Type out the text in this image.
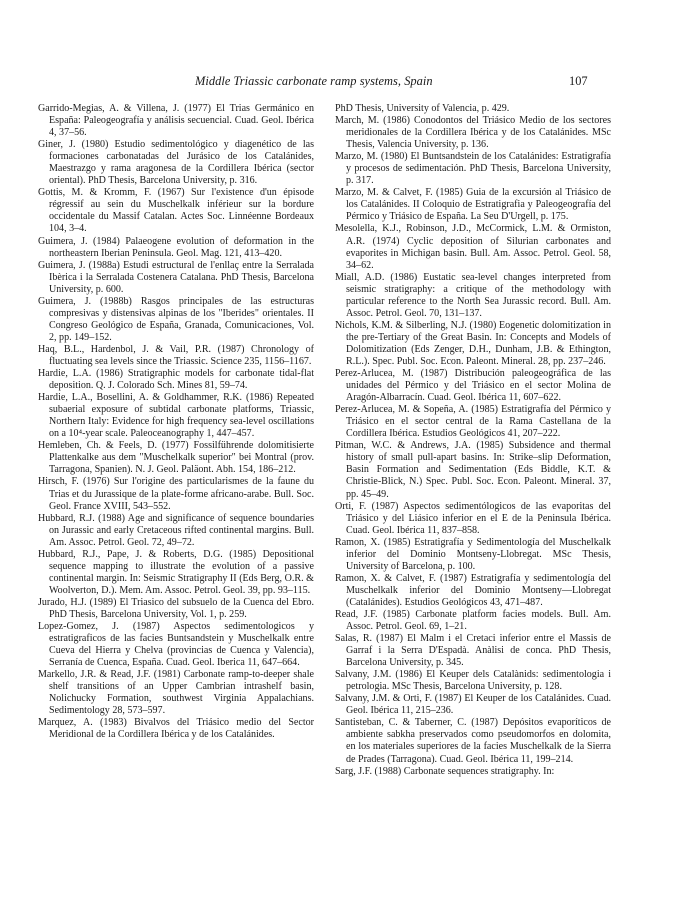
Middle Triassic carbonate ramp systems, Spain	107

Garrido-Megias, A. & Villena, J. (1977) El Trias Germánico en España: Paleogeografía y análisis secuencial. Cuad. Geol. Ibérica 4, 37–56.

Giner, J. (1980) Estudio sedimentológico y diagenético de las formaciones carbonatadas del Jurásico de los Catalánides, Maestrazgo y rama aragonesa de la Cordillera Ibérica (sector oriental). PhD Thesis, Barcelona University, p. 316.

Gottis, M. & Kromm, F. (1967) Sur l'existence d'un épisode régressif au sein du Muschelkalk inférieur sur la bordure occidentale du Massif Catalan. Actes Soc. Linnéenne Bordeaux 104, 3–4.

Guimera, J. (1984) Palaeogene evolution of deformation in the northeastern Iberian Peninsula. Geol. Mag. 121, 413–420.

Guimera, J. (1988a) Estudi estructural de l'enllaç entre la Serralada Ibèrica i la Serralada Costenera Catalana. PhD Thesis, Barcelona University, p. 600.

Guimera, J. (1988b) Rasgos principales de las estructuras compresivas y distensivas alpinas de los "Iberides" orientales. II Congreso Geológico de España, Granada, Comunicaciones, Vol. 2, pp. 149–152.

Haq, B.L., Hardenbol, J. & Vail, P.R. (1987) Chronology of fluctuating sea levels since the Triassic. Science 235, 1156–1167.

Hardie, L.A. (1986) Stratigraphic models for carbonate tidal-flat deposition. Q. J. Colorado Sch. Mines 81, 59–74.

Hardie, L.A., Bosellini, A. & Goldhammer, R.K. (1986) Repeated subaerial exposure of subtidal carbonate platforms, Triassic, Northern Italy: Evidence for high frequency sea-level oscillations on a 10⁴-year scale. Paleoceanography 1, 447–457.

Hemleben, Ch. & Feels, D. (1977) Fossilführende dolomitisierte Plattenkalke aus dem "Muschelkalk superior" bei Montral (prov. Tarragona, Spanien). N. J. Geol. Paläont. Abh. 154, 186–212.

Hirsch, F. (1976) Sur l'origine des particularismes de la faune du Trias et du Jurassique de la plate-forme africano-arabe. Bull. Soc. Geol. France XVIII, 543–552.

Hubbard, R.J. (1988) Age and significance of sequence boundaries on Jurassic and early Cretaceous rifted continental margins. Bull. Am. Assoc. Petrol. Geol. 72, 49–72.

Hubbard, R.J., Pape, J. & Roberts, D.G. (1985) Depositional sequence mapping to illustrate the evolution of a passive continental margin. In: Seismic Stratigraphy II (Eds Berg, O.R. & Woolverton, D.). Mem. Am. Assoc. Petrol. Geol. 39, pp. 93–115.

Jurado, H.J. (1989) El Triasico del subsuelo de la Cuenca del Ebro. PhD Thesis, Barcelona University, Vol. 1, p. 259.

Lopez-Gomez, J. (1987) Aspectos sedimentologicos y estratigraficos de las facies Buntsandstein y Muschelkalk entre Cueva del Hierra y Chelva (provincias de Cuenca y Valencia), Serranía de Cuenca, España. Cuad. Geol. Iberica 11, 647–664.

Markello, J.R. & Read, J.F. (1981) Carbonate ramp-to-deeper shale shelf transitions of an Upper Cambrian intrashelf basin, Nolichucky Formation, southwest Virginia Appalachians. Sedimentology 28, 573–597.

Marquez, A. (1983) Bivalvos del Triásico medio del Sector Meridional de la Cordillera Ibérica y de los Catalánides.

PhD Thesis, University of Valencia, p. 429.

March, M. (1986) Conodontos del Triásico Medio de los sectores meridionales de la Cordillera Ibérica y de los Catalánides. MSc Thesis, Valencia University, p. 136.

Marzo, M. (1980) El Buntsandstein de los Catalánides: Estratigrafía y procesos de sedimentación. PhD Thesis, Barcelona University, p. 317.

Marzo, M. & Calvet, F. (1985) Guia de la excursión al Triásico de los Catalánides. II Coloquio de Estratigrafia y Paleogeografía del Pérmico y Triásico de España. La Seu D'Urgell, p. 175.

Mesolella, K.J., Robinson, J.D., McCormick, L.M. & Ormiston, A.R. (1974) Cyclic deposition of Silurian carbonates and evaporites in Michigan basin. Bull. Am. Assoc. Petrol. Geol. 58, 34–62.

Miall, A.D. (1986) Eustatic sea-level changes interpreted from seismic stratigraphy: a critique of the methodology with particular reference to the North Sea Jurassic record. Bull. Am. Assoc. Petrol. Geol. 70, 131–137.

Nichols, K.M. & Silberling, N.J. (1980) Eogenetic dolomitization in the pre-Tertiary of the Great Basin. In: Concepts and Models of Dolomitization (Eds Zenger, D.H., Dunham, J.B. & Ethington, R.L.). Spec. Publ. Soc. Econ. Paleont. Mineral. 28, pp. 237–246.

Perez-Arlucea, M. (1987) Distribución paleogeográfica de las unidades del Pérmico y del Triásico en el sector Molina de Aragón-Albarracín. Cuad. Geol. Ibérica 11, 607–622.

Perez-Arlucea, M. & Sopeña, A. (1985) Estratigrafía del Pérmico y Triásico en el sector central de la Rama Castellana de la Cordillera Ibérica. Estudios Geológicos 41, 207–222.

Pitman, W.C. & Andrews, J.A. (1985) Subsidence and thermal history of small pull-apart basins. In: Strike–slip Deformation, Basin Formation and Sedimentation (Eds Biddle, K.T. & Christie-Blick, N.) Spec. Publ. Soc. Econ. Paleont. Mineral. 37, pp. 45–49.

Orti, F. (1987) Aspectos sedimentólogicos de las evaporitas del Triásico y del Liásico inferior en el E de la Peninsula Ibérica. Cuad. Geol. Ibérica 11, 837–858.

Ramon, X. (1985) Estratigrafía y Sedimentología del Muschelkalk inferior del Dominio Montseny-Llobregat. MSc Thesis, University of Barcelona, p. 100.

Ramon, X. & Calvet, F. (1987) Estratigrafía y sedimentología del Muschelkalk inferior del Dominio Montseny—Llobregat (Catalánides). Estudios Geológicos 43, 471–487.

Read, J.F. (1985) Carbonate platform facies models. Bull. Am. Assoc. Petrol. Geol. 69, 1–21.

Salas, R. (1987) El Malm i el Cretaci inferior entre el Massis de Garraf i la Serra D'Espadà. Anàlisi de conca. PhD Thesis, Barcelona University, p. 345.

Salvany, J.M. (1986) El Keuper dels Catalànids: sedimentologia i petrologia. MSc Thesis, Barcelona University, p. 128.

Salvany, J.M. & Orti, F. (1987) El Keuper de los Catalánides. Cuad. Geol. Ibérica 11, 215–236.

Santisteban, C. & Taberner, C. (1987) Depósitos evaporíticos de ambiente sabkha preservados como pseudomorfos en dolomita, en los materiales superiores de la facies Muschelkalk de la Sierra de Prades (Tarragona). Cuad. Geol. Ibérica 11, 199–214.

Sarg, J.F. (1988) Carbonate sequences stratigraphy. In:
